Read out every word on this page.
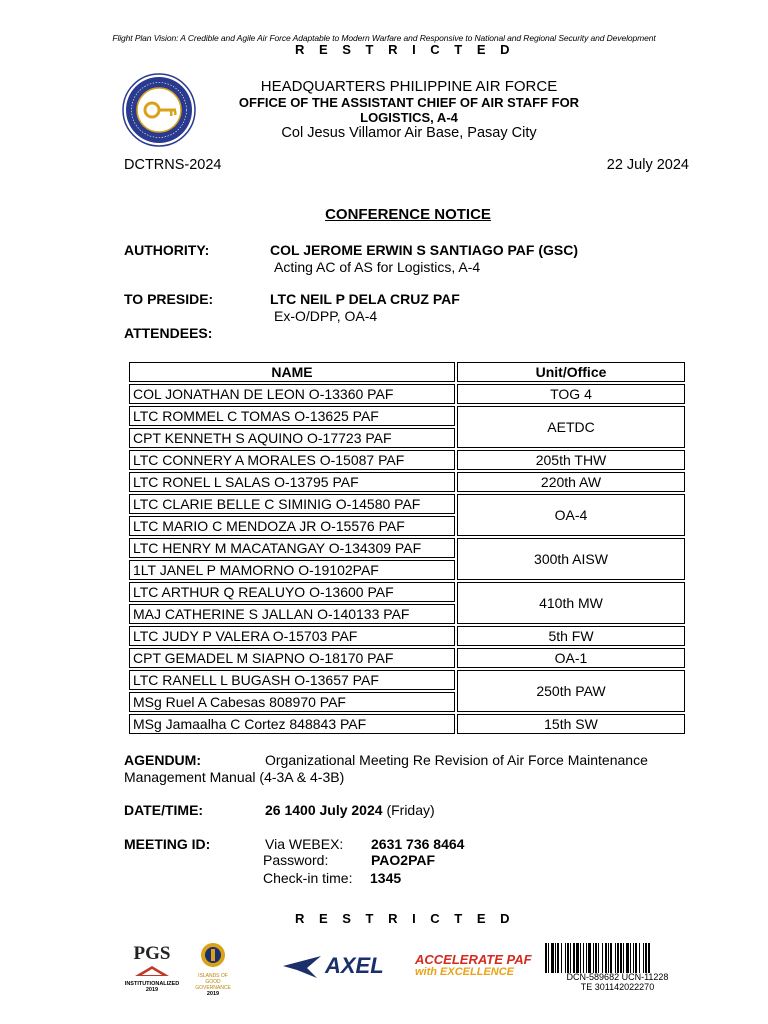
Flight Plan Vision: A Credible and Agile Air Force Adaptable to Modern Warfare and Responsive to National and Regional Security and Development
R E S T R I C T E D
HEADQUARTERS PHILIPPINE AIR FORCE
OFFICE OF THE ASSISTANT CHIEF OF AIR STAFF FOR
LOGISTICS, A-4
Col Jesus Villamor Air Base, Pasay City
DCTRNS-2024	22 July 2024
CONFERENCE NOTICE
AUTHORITY:	COL JEROME ERWIN S SANTIAGO PAF (GSC)
Acting AC of AS for Logistics, A-4
TO PRESIDE:	LTC NEIL P DELA CRUZ PAF
Ex-O/DPP, OA-4
ATTENDEES:
NAME	Unit/Office
COL JONATHAN DE LEON O-13360 PAF	TOG 4
LTC ROMMEL C TOMAS O-13625 PAF	AETDC
CPT KENNETH S AQUINO O-17723 PAF	
LTC CONNERY A MORALES O-15087 PAF	205th THW
LTC RONEL L SALAS O-13795 PAF	220th AW
LTC CLARIE BELLE C SIMINIG O-14580 PAF	OA-4
LTC MARIO C MENDOZA JR O-15576 PAF	
LTC HENRY M MACATANGAY O-134309 PAF	300th AISW
1LT JANEL P MAMORNO O-19102PAF	
LTC ARTHUR Q REALUYO O-13600 PAF	410th MW
MAJ CATHERINE S JALLAN O-140133 PAF	
LTC JUDY P VALERA O-15703 PAF	5th FW
CPT GEMADEL M SIAPNO O-18170 PAF	OA-1
LTC RANELL L BUGASH O-13657 PAF	250th PAW
MSg Ruel A Cabesas 808970 PAF	
MSg Jamaalha C Cortez 848843 PAF	15th SW
AGENDUM:	Organizational Meeting Re Revision of Air Force Maintenance
Management Manual (4-3A & 4-3B)
DATE/TIME:	26 1400 July 2024 (Friday)
MEETING ID:	Via WEBEX: 2631 736 8464
Password:	PAO2PAF
Check-in time: 1345
R E S T R I C T E D
PGS
INSTITUTIONALIZED
2019
ISLANDS OF GOOD GOVERNANCE
2019
AXEL ACCELERATE PAF
with EXCELLENCE	DCN-589682 UCN-11228
TE 301142022270
